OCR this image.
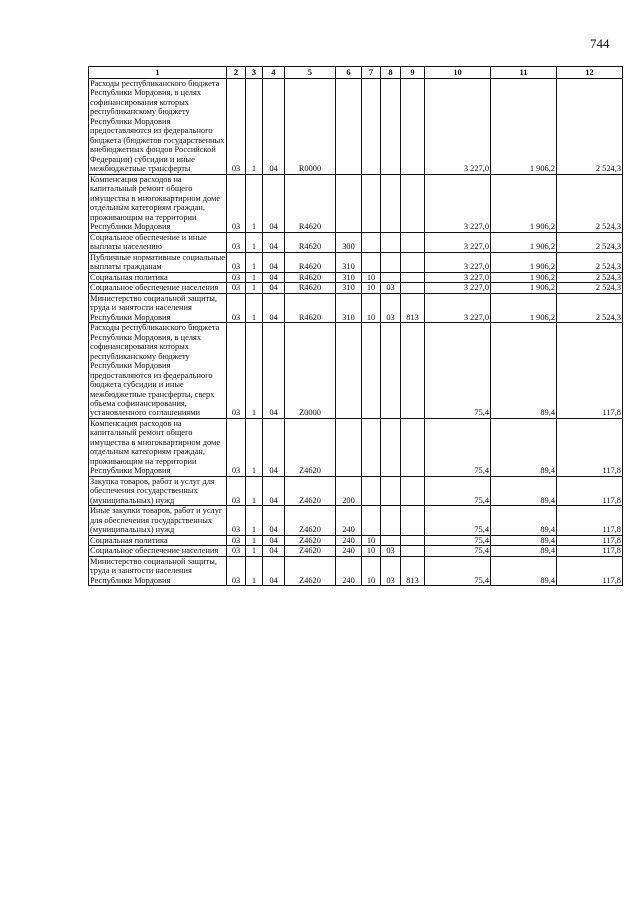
744
1	2	3	4	5	6	7	8	9	10	11	12
Расходы республиканского бюджета Республики Мордовия, в целях софинансирования которых республиканскому бюджету Республики Мордовия предоставляются из федерального бюджета (бюджетов государственных внебюджетных фондов Российской Федерации) субсидии и иные межбюджетные трансферты	03	1	04	R0000					3 227,0	1 906,2	2 524,3
Компенсация расходов на капитальный ремонт общего имущества в многоквартирном доме отдельным категориям граждан, проживающим на территории Республики Мордовия	03	1	04	R4620					3 227,0	1 906,2	2 524,3
Социальное обеспечение и иные выплаты населению	03	1	04	R4620	300				3 227,0	1 906,2	2 524,3
Публичные нормативные социальные выплаты гражданам	03	1	04	R4620	310				3 227,0	1 906,2	2 524,3
Социальная политика	03	1	04	R4620	310	10			3 227,0	1 906,2	2 524,3
Социальное обеспечение населения	03	1	04	R4620	310	10	03		3 227,0	1 906,2	2 524,3
Министерство социальной защиты, труда и занятости населения Республики Мордовия	03	1	04	R4620	310	10	03	813	3 227,0	1 906,2	2 524,3
Расходы республиканского бюджета Республики Мордовия, в целях софинансирования которых республиканскому бюджету Республики Мордовия предоставляются из федерального бюджета субсидии и иные межбюджетные трансферты, сверх объема софинансирования, установленного соглашениями	03	1	04	Z0000					75,4	89,4	117,8
Компенсация расходов на капитальный ремонт общего имущества в многоквартирном доме отдельным категориям граждан, проживающим на территории Республики Мордовия	03	1	04	Z4620					75,4	89,4	117,8
Закупка товаров, работ и услуг для обеспечения государственных (муниципальных) нужд	03	1	04	Z4620	200				75,4	89,4	117,8
Иные закупки товаров, работ и услуг для обеспечения государственных (муниципальных) нужд	03	1	04	Z4620	240				75,4	89,4	117,8
Социальная политика	03	1	04	Z4620	240	10			75,4	89,4	117,8
Социальное обеспечение населения	03	1	04	Z4620	240	10	03		75,4	89,4	117,8
Министерство социальной защиты, труда и занятости населения Республики Мордовия	03	1	04	Z4620	240	10	03	813	75,4	89,4	117,8
